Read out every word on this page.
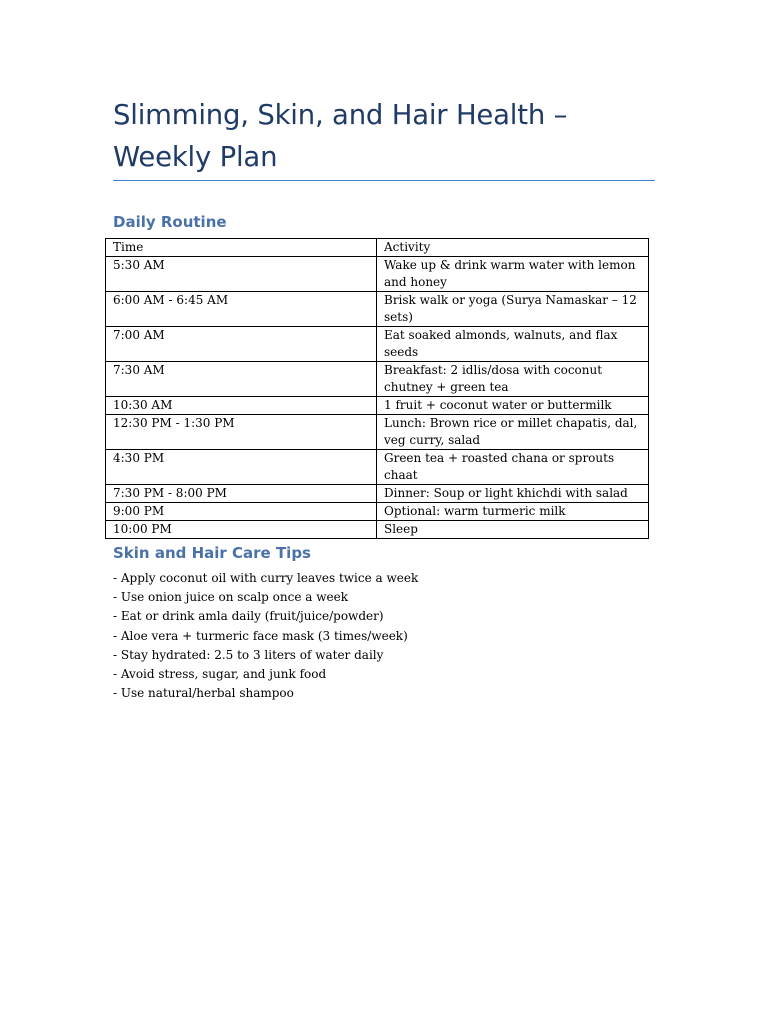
Slimming, Skin, and Hair Health – Weekly Plan
Daily Routine
Time	Activity
5:30 AM	Wake up & drink warm water with lemon and honey
6:00 AM - 6:45 AM	Brisk walk or yoga (Surya Namaskar – 12 sets)
7:00 AM	Eat soaked almonds, walnuts, and flax seeds
7:30 AM	Breakfast: 2 idlis/dosa with coconut chutney + green tea
10:30 AM	1 fruit + coconut water or buttermilk
12:30 PM - 1:30 PM	Lunch: Brown rice or millet chapatis, dal, veg curry, salad
4:30 PM	Green tea + roasted chana or sprouts chaat
7:30 PM - 8:00 PM	Dinner: Soup or light khichdi with salad
9:00 PM	Optional: warm turmeric milk
10:00 PM	Sleep
Skin and Hair Care Tips
- Apply coconut oil with curry leaves twice a week
- Use onion juice on scalp once a week
- Eat or drink amla daily (fruit/juice/powder)
- Aloe vera + turmeric face mask (3 times/week)
- Stay hydrated: 2.5 to 3 liters of water daily
- Avoid stress, sugar, and junk food
- Use natural/herbal shampoo
